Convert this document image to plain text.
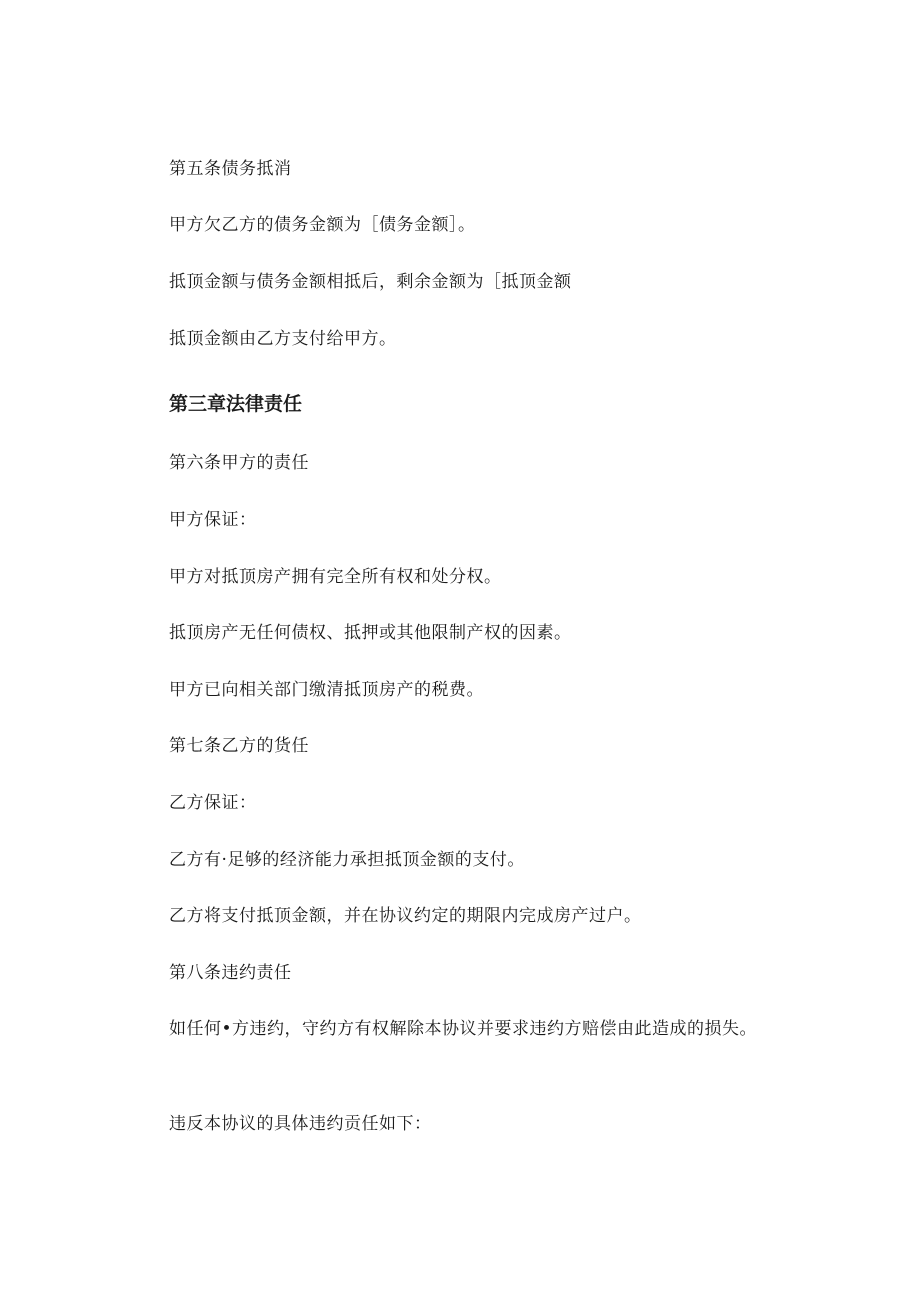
第五条债务抵消
甲方欠乙方的债务金额为［债务金额］。
抵顶金额与债务金额相抵后，剩余金额为［抵顶金额
抵顶金额由乙方支付给甲方。
第三章法律责任
第六条甲方的责任
甲方保证：
甲方对抵顶房产拥有完全所有权和处分权。
抵顶房产无任何债权、抵押或其他限制产权的因素。
甲方已向相关部门缴清抵顶房产的税费。
第七条乙方的货任
乙方保证：
乙方有·足够的经济能力承担抵顶金额的支付。
乙方将支付抵顶金额，并在协议约定的期限内完成房产过户。
第八条违约责任
如任何•方违约，守约方有权解除本协议并要求违约方赔偿由此造成的损失。
违反本协议的具体违约贡任如下：
